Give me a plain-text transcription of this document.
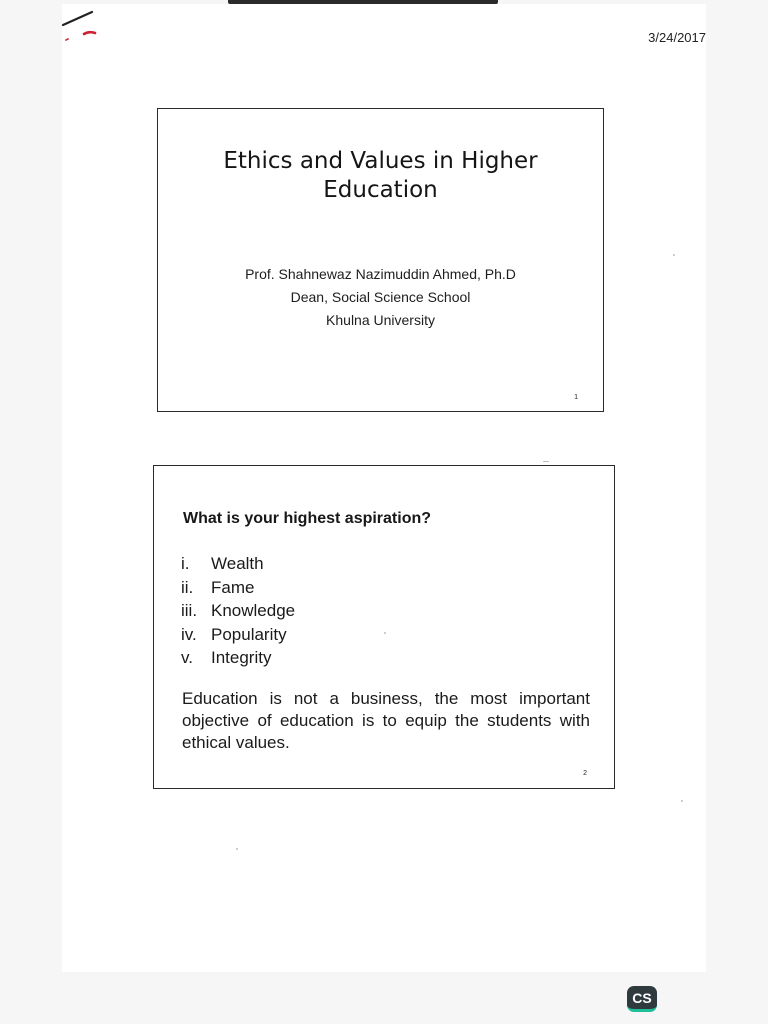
3/24/2017
Ethics and Values in Higher
Education
Prof. Shahnewaz Nazimuddin Ahmed, Ph.D
Dean, Social Science School
Khulna University
1
What is your highest aspiration?
i.	Wealth
ii.	Fame
iii. Knowledge
iv. Popularity
v.	Integrity
Education is not a business, the most important objective of education is to equip the students with ethical values.
2
CS
